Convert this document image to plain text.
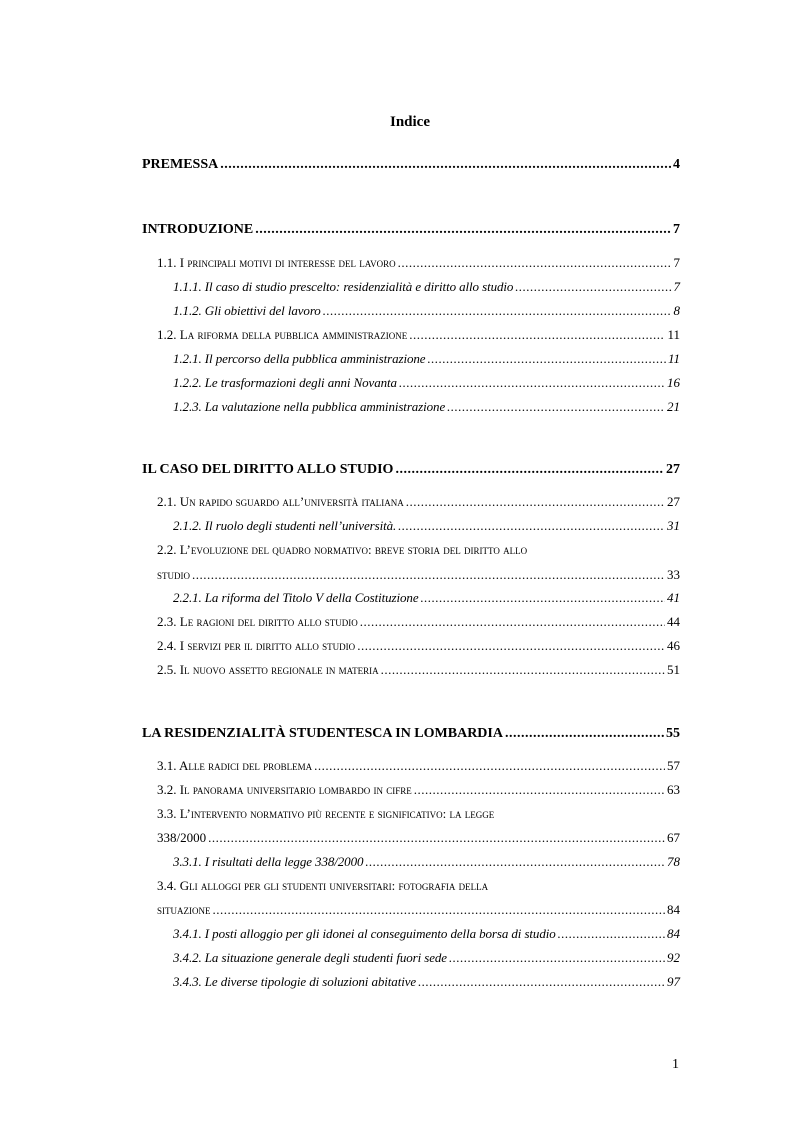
Indice
PREMESSA .....	4
INTRODUZIONE .....	7
1.1. I principali motivi di interesse del lavoro .....	7
1.1.1. Il caso di studio prescelto: residenzialità e diritto allo studio .....	7
1.1.2. Gli obiettivi del lavoro .....	8
1.2. La riforma della pubblica amministrazione .....	11
1.2.1. Il percorso della pubblica amministrazione .....	11
1.2.2. Le trasformazioni degli anni Novanta .....	16
1.2.3. La valutazione nella pubblica amministrazione .....	21
IL CASO DEL DIRITTO ALLO STUDIO .....	27
2.1. Un rapido sguardo all’università italiana .....	27
2.1.2. Il ruolo degli studenti nell’università. .....	31
2.2. L’evoluzione del quadro normativo: breve storia del diritto allo
studio .....	33
2.2.1. La riforma del Titolo V della Costituzione .....	41
2.3. Le ragioni del diritto allo studio .....	44
2.4. I servizi per il diritto allo studio .....	46
2.5. Il nuovo assetto regionale in materia .....	51
LA RESIDENZIALITÀ STUDENTESCA IN LOMBARDIA .....	55
3.1. Alle radici del problema .....	57
3.2. Il panorama universitario lombardo in cifre .....	63
3.3. L’intervento normativo più recente e significativo: la legge
338/2000 .....	67
3.3.1. I risultati della legge 338/2000 .....	78
3.4. Gli alloggi per gli studenti universitari: fotografia della
situazione .....	84
3.4.1. I posti alloggio per gli idonei al conseguimento della borsa di studio .....	84
3.4.2. La situazione generale degli studenti fuori sede .....	92
3.4.3. Le diverse tipologie di soluzioni abitative .....	97
1
